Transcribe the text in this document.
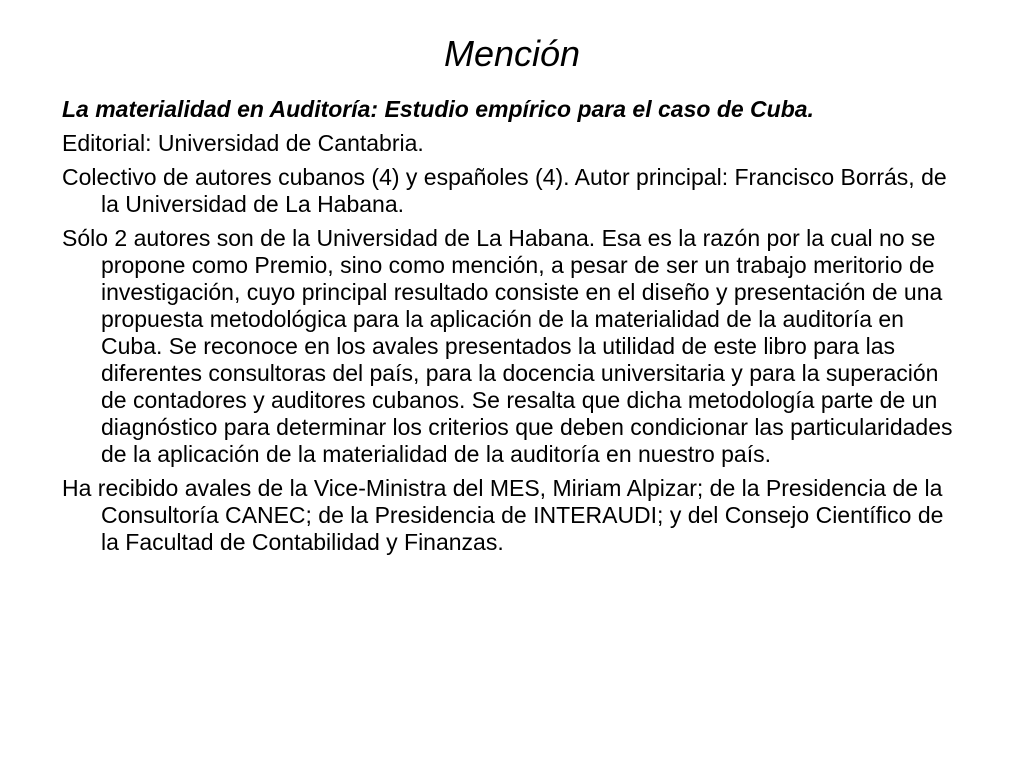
Mención

La materialidad en Auditoría: Estudio empírico para el caso de Cuba.

Editorial: Universidad de Cantabria.

Colectivo de autores cubanos (4) y españoles (4). Autor principal: Francisco Borrás, de la Universidad de La Habana.

Sólo 2 autores son de la Universidad de La Habana. Esa es la razón por la cual no se propone como Premio, sino como mención, a pesar de ser un trabajo meritorio de investigación, cuyo principal resultado consiste en el diseño y presentación de una propuesta metodológica para la aplicación de la materialidad de la auditoría en Cuba. Se reconoce en los avales presentados la utilidad de este libro para las diferentes consultoras del país, para la docencia universitaria y para la superación de contadores y auditores cubanos. Se resalta que dicha metodología parte de un diagnóstico para determinar los criterios que deben condicionar las particularidades de la aplicación de la materialidad de la auditoría en nuestro país.

Ha recibido avales de la Vice-Ministra del MES, Miriam Alpizar; de la Presidencia de la Consultoría CANEC; de la Presidencia de INTERAUDI; y del Consejo Científico de la Facultad de Contabilidad y Finanzas.
